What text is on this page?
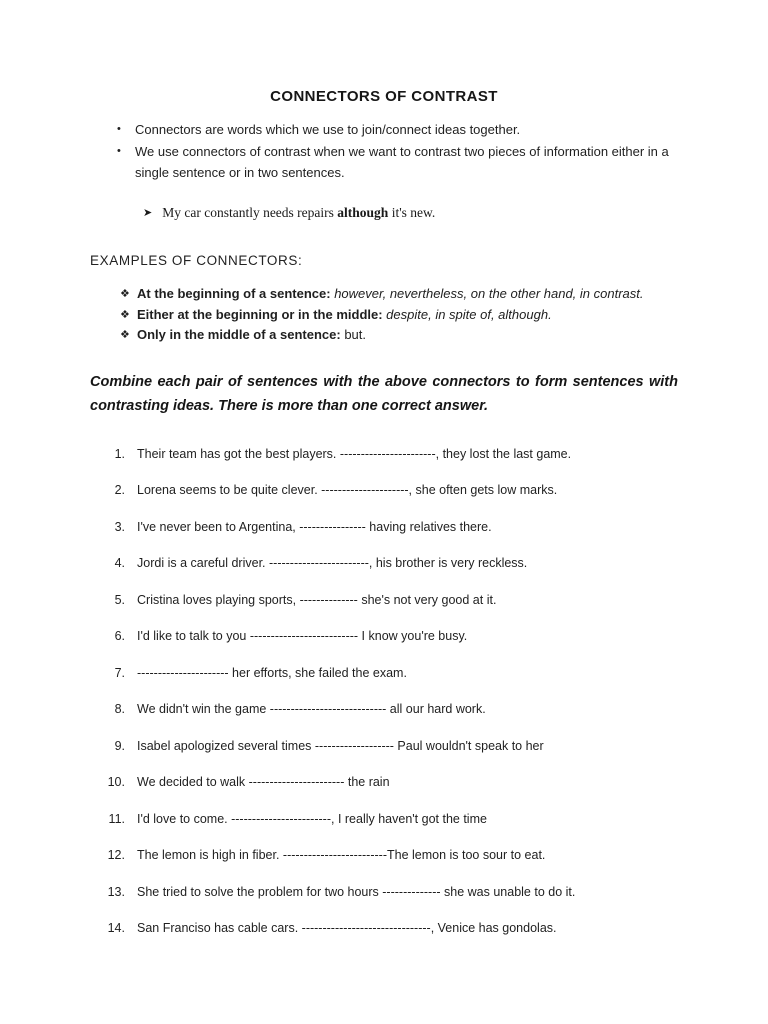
CONNECTORS OF CONTRAST
•	Connectors are words which we use to join/connect ideas together.
•	We use connectors of contrast when we want to contrast two pieces of information either in a single sentence or in two sentences.
➤ My car constantly needs repairs although it's new.
EXAMPLES OF CONNECTORS:
❖ At the beginning of a sentence: however, nevertheless, on the other hand, in contrast.
❖ Either at the beginning or in the middle: despite, in spite of, although.
❖ Only in the middle of a sentence: but.
Combine each pair of sentences with the above connectors to form sentences with contrasting ideas. There is more than one correct answer.
1. Their team has got the best players. -----------------------, they lost the last game.
2. Lorena seems to be quite clever. ---------------------, she often gets low marks.
3. I've never been to Argentina, ---------------- having relatives there.
4. Jordi is a careful driver. ------------------------, his brother is very reckless.
5. Cristina loves playing sports, -------------- she's not very good at it.
6. I'd like to talk to you -------------------------- I know you're busy.
7. ---------------------- her efforts, she failed the exam.
8. We didn't win the game ---------------------------- all our hard work.
9. Isabel apologized several times ------------------- Paul wouldn't speak to her
10. We decided to walk ----------------------- the rain
11. I'd love to come. ------------------------, I really haven't got the time
12. The lemon is high in fiber. -------------------------The lemon is too sour to eat.
13. She tried to solve the problem for two hours -------------- she was unable to do it.
14. San Franciso has cable cars. -------------------------------, Venice has gondolas.
